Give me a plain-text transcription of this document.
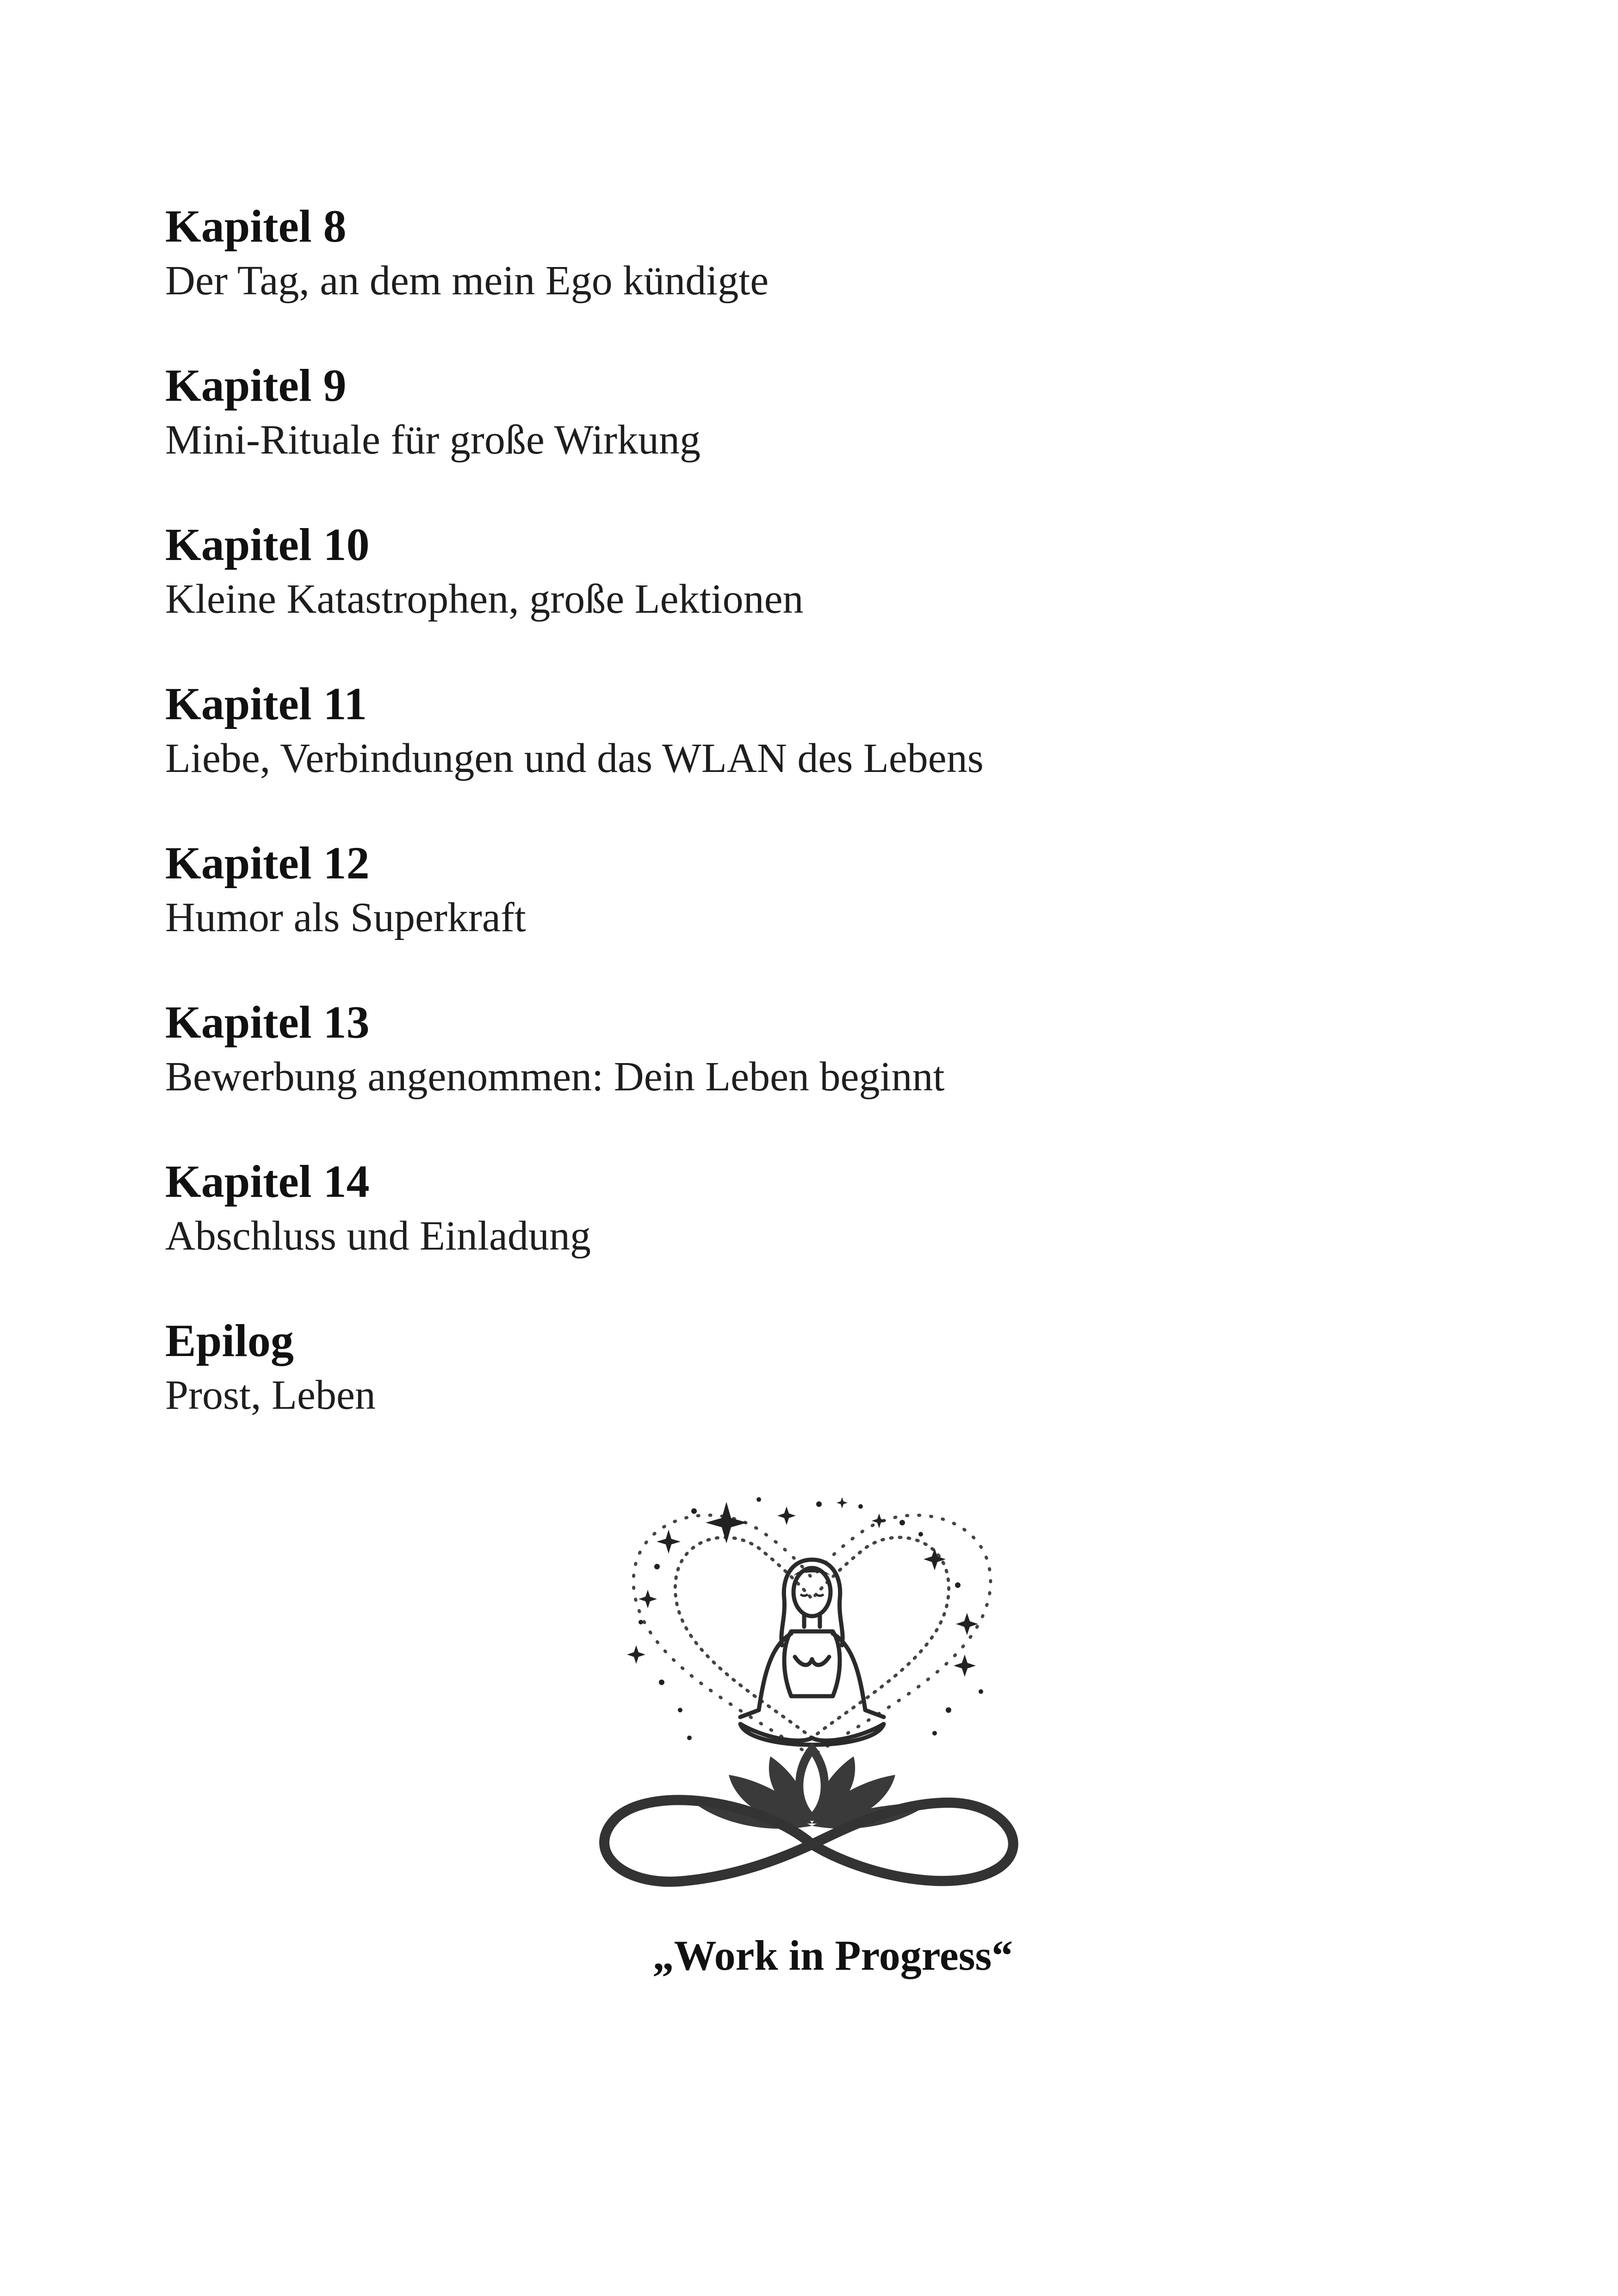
Kapitel 8
Der Tag, an dem mein Ego kündigte
Kapitel 9
Mini-Rituale für große Wirkung
Kapitel 10
Kleine Katastrophen, große Lektionen
Kapitel 11
Liebe, Verbindungen und das WLAN des Lebens
Kapitel 12
Humor als Superkraft
Kapitel 13
Bewerbung angenommen: Dein Leben beginnt
Kapitel 14
Abschluss und Einladung
Epilog
Prost, Leben
„Work in Progress“
